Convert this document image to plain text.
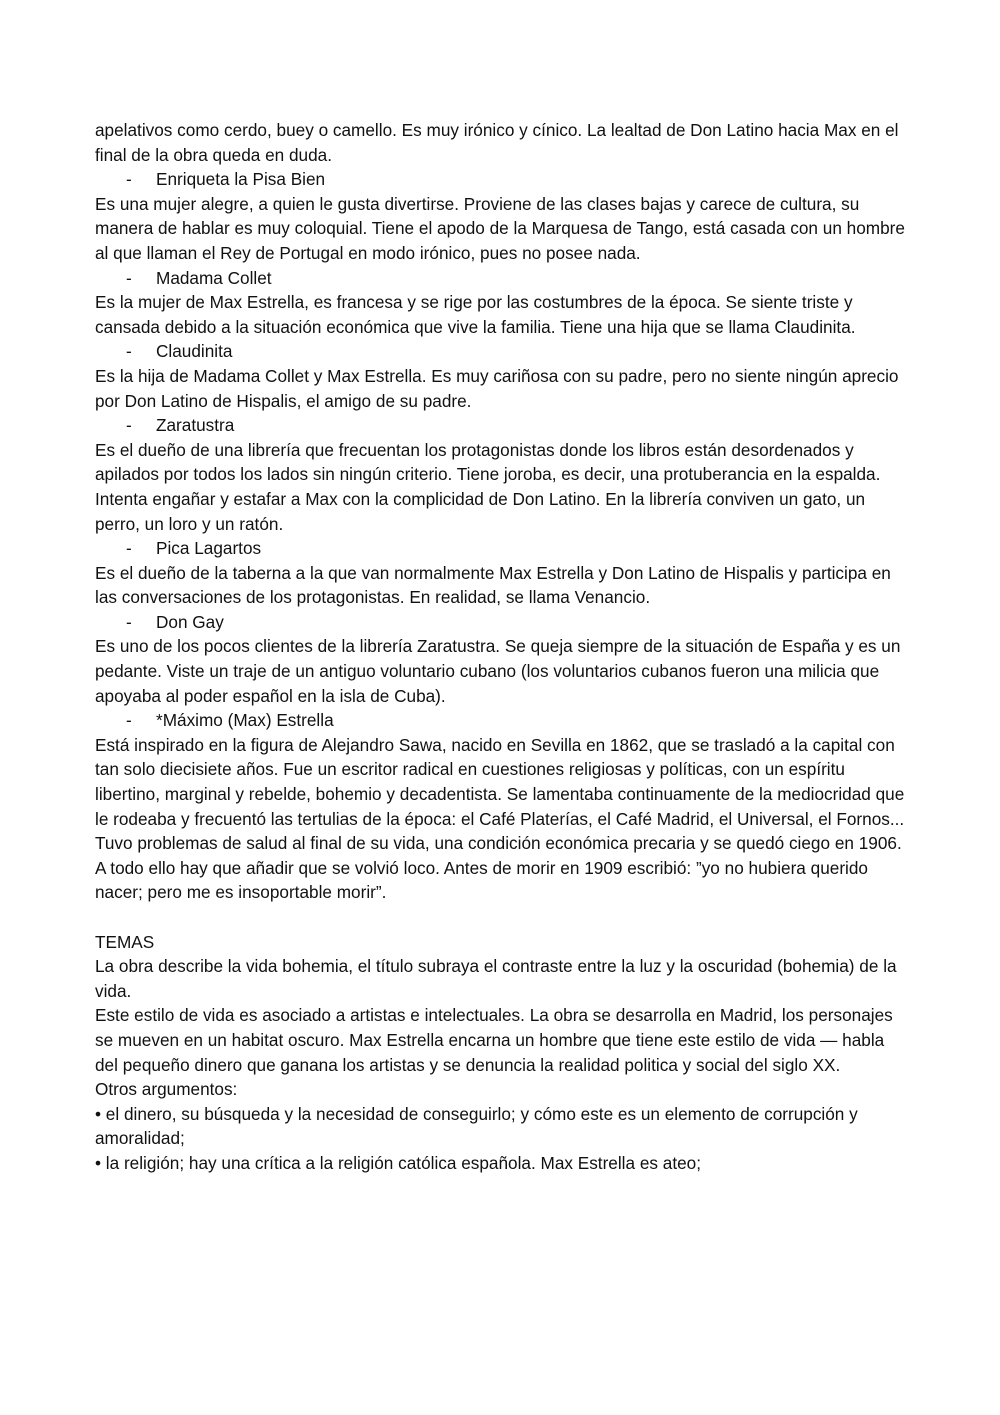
apelativos como cerdo, buey o camello. Es muy irónico y cínico. La lealtad de Don Latino hacia Max en el final de la obra queda en duda.

-	Enriqueta la Pisa Bien

Es una mujer alegre, a quien le gusta divertirse. Proviene de las clases bajas y carece de cultura, su manera de hablar es muy coloquial. Tiene el apodo de la Marquesa de Tango, está casada con un hombre al que llaman el Rey de Portugal en modo irónico, pues no posee nada.

-	Madama Collet

Es la mujer de Max Estrella, es francesa y se rige por las costumbres de la época. Se siente triste y cansada debido a la situación económica que vive la familia. Tiene una hija que se llama Claudinita.

-	Claudinita

Es la hija de Madama Collet y Max Estrella. Es muy cariñosa con su padre, pero no siente ningún aprecio por Don Latino de Hispalis, el amigo de su padre.

-	Zaratustra

Es el dueño de una librería que frecuentan los protagonistas donde los libros están desordenados y apilados por todos los lados sin ningún criterio. Tiene joroba, es decir, una protuberancia en la espalda. Intenta engañar y estafar a Max con la complicidad de Don Latino. En la librería conviven un gato, un perro, un loro y un ratón.

-	Pica Lagartos

Es el dueño de la taberna a la que van normalmente Max Estrella y Don Latino de Hispalis y participa en las conversaciones de los protagonistas. En realidad, se llama Venancio.

-	Don Gay

Es uno de los pocos clientes de la librería Zaratustra. Se queja siempre de la situación de España y es un pedante. Viste un traje de un antiguo voluntario cubano (los voluntarios cubanos fueron una milicia que apoyaba al poder español en la isla de Cuba).

-	*Máximo (Max) Estrella

Está inspirado en la figura de Alejandro Sawa, nacido en Sevilla en 1862, que se trasladó a la capital con tan solo diecisiete años. Fue un escritor radical en cuestiones religiosas y políticas, con un espíritu libertino, marginal y rebelde, bohemio y decadentista. Se lamentaba continuamente de la mediocridad que le rodeaba y frecuentó las tertulias de la época: el Café Platerías, el Café Madrid, el Universal, el Fornos... Tuvo problemas de salud al final de su vida, una condición económica precaria y se quedó ciego en 1906. A todo ello hay que añadir que se volvió loco. Antes de morir en 1909 escribió: ”yo no hubiera querido nacer; pero me es insoportable morir”.

TEMAS

La obra describe la vida bohemia, el título subraya el contraste entre la luz y la oscuridad (bohemia) de la vida.

Este estilo de vida es asociado a artistas e intelectuales. La obra se desarrolla en Madrid, los personajes se mueven en un habitat oscuro. Max Estrella encarna un hombre que tiene este estilo de vida — habla del pequeño dinero que ganana los artistas y se denuncia la realidad politica y social del siglo XX.

Otros argumentos:

• el dinero, su búsqueda y la necesidad de conseguirlo; y cómo este es un elemento de corrupción y amoralidad;

• la religión; hay una crítica a la religión católica española. Max Estrella es ateo;
